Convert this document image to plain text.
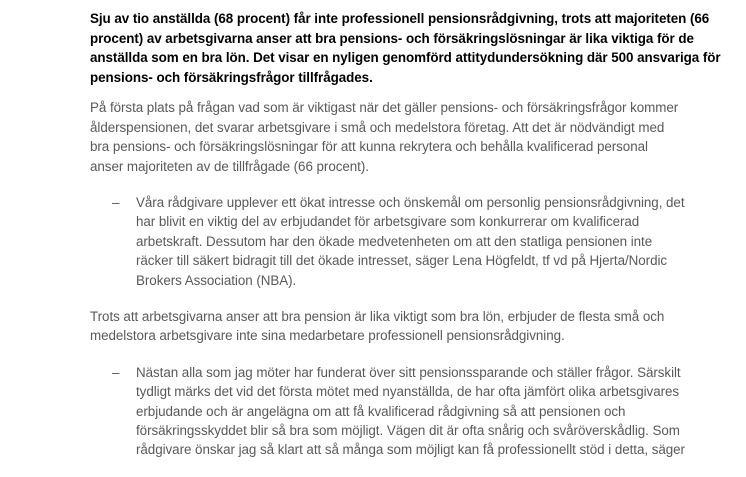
Sju av tio anställda (68 procent) får inte professionell pensionsrådgivning, trots att majoriteten (66
procent) av arbetsgivarna anser att bra pensions- och försäkringslösningar är lika viktiga för de
anställda som en bra lön. Det visar en nyligen genomförd attitydundersökning där 500 ansvariga för
pensions- och försäkringsfrågor tillfrågades.

På första plats på frågan vad som är viktigast när det gäller pensions- och försäkringsfrågor kommer
ålderspensionen, det svarar arbetsgivare i små och medelstora företag. Att det är nödvändigt med
bra pensions- och försäkringslösningar för att kunna rekrytera och behålla kvalificerad personal
anser majoriteten av de tillfrågade (66 procent).

– Våra rådgivare upplever ett ökat intresse och önskemål om personlig pensionsrådgivning, det
har blivit en viktig del av erbjudandet för arbetsgivare som konkurrerar om kvalificerad
arbetskraft. Dessutom har den ökade medvetenheten om att den statliga pensionen inte
räcker till säkert bidragit till det ökade intresset, säger Lena Högfeldt, tf vd på Hjerta/Nordic
Brokers Association (NBA).

Trots att arbetsgivarna anser att bra pension är lika viktigt som bra lön, erbjuder de flesta små och
medelstora arbetsgivare inte sina medarbetare professionell pensionsrådgivning.

– Nästan alla som jag möter har funderat över sitt pensionssparande och ställer frågor. Särskilt
tydligt märks det vid det första mötet med nyanställda, de har ofta jämfört olika arbetsgivares
erbjudande och är angelägna om att få kvalificerad rådgivning så att pensionen och
försäkringsskyddet blir så bra som möjligt. Vägen dit är ofta snårig och svåröverskådlig. Som
rådgivare önskar jag så klart att så många som möjligt kan få professionellt stöd i detta, säger
